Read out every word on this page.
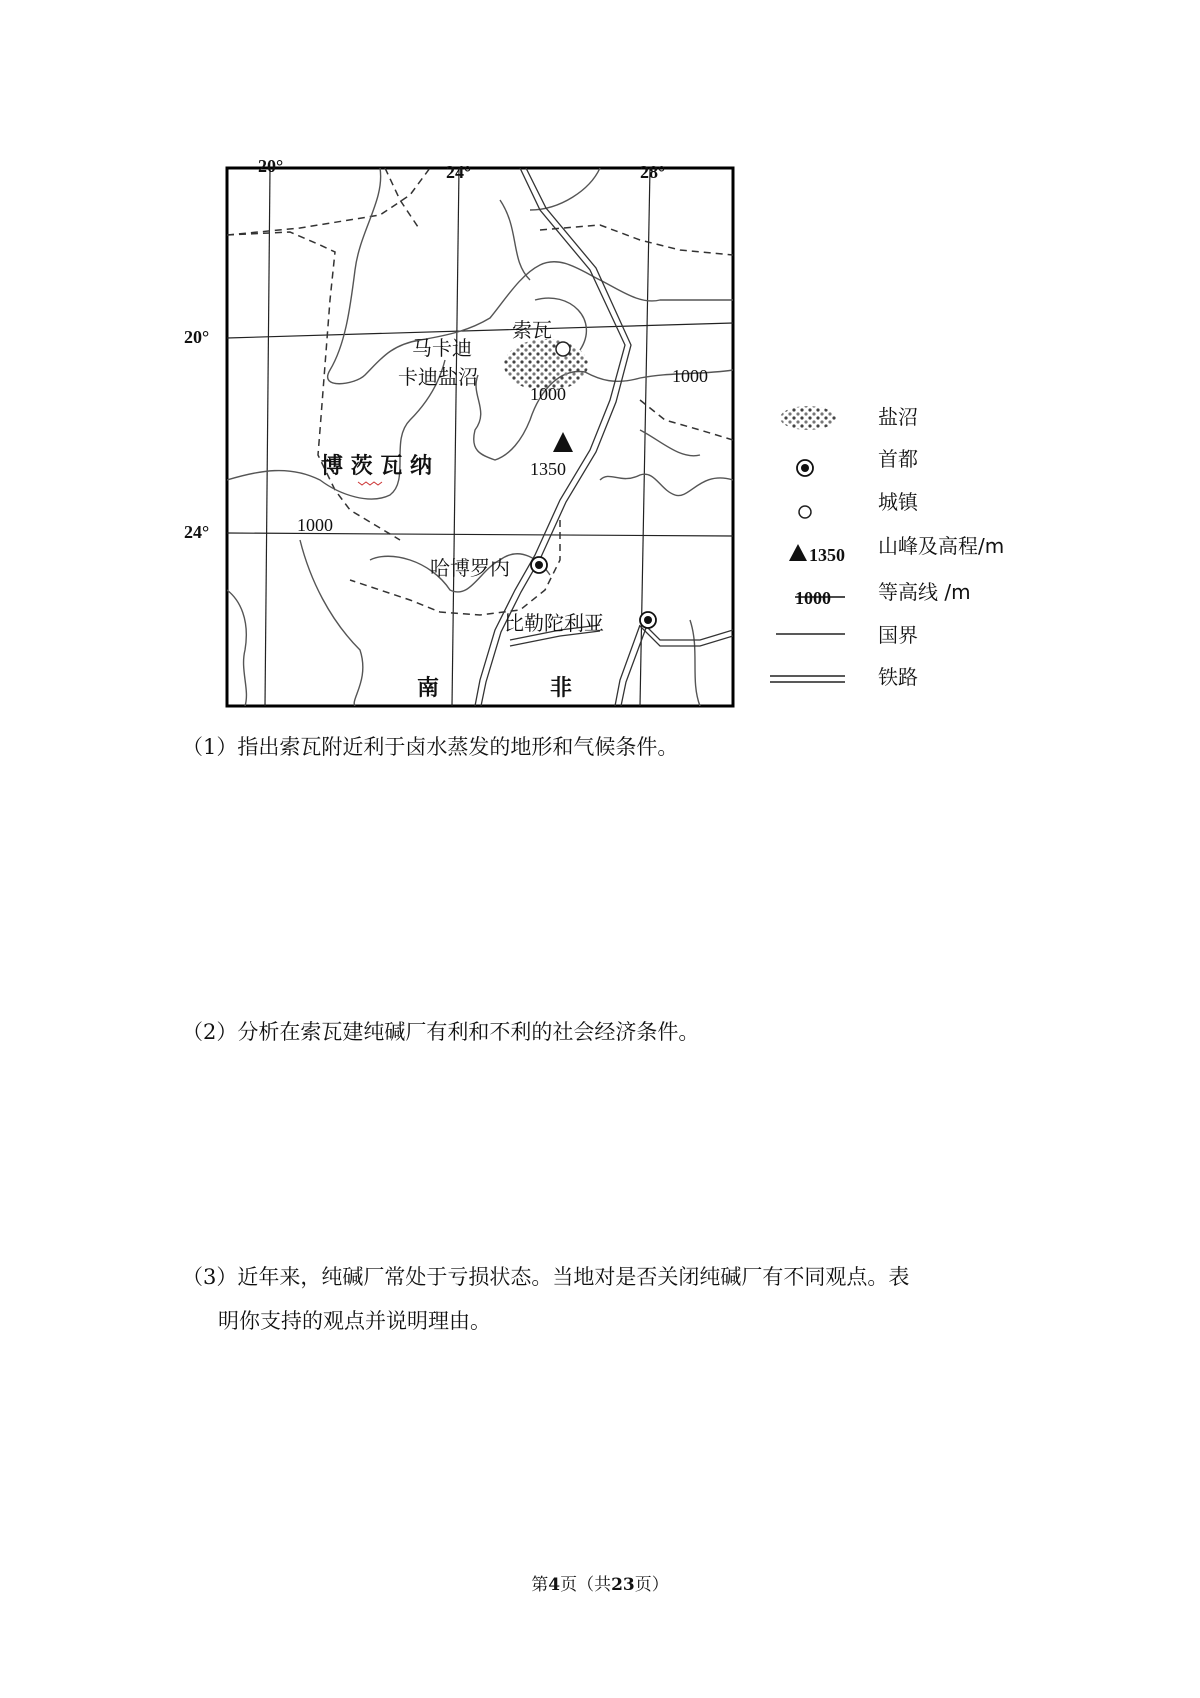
20°	24°	28°
20°
24°
马卡迪
卡迪盐沼
索瓦
哈博罗内
比勒陀利亚
1000
1000
1000
1350
博 茨 瓦 纳
南	非
盐沼
首都
城镇
1350 山峰及高程/m
1000 等高线 /m
国界
铁路
（1）指出索瓦附近利于卤水蒸发的地形和气候条件。
（2）分析在索瓦建纯碱厂有利和不利的社会经济条件。
（3）近年来，纯碱厂常处于亏损状态。当地对是否关闭纯碱厂有不同观点。表
明你支持的观点并说明理由。
第4页（共23页）
